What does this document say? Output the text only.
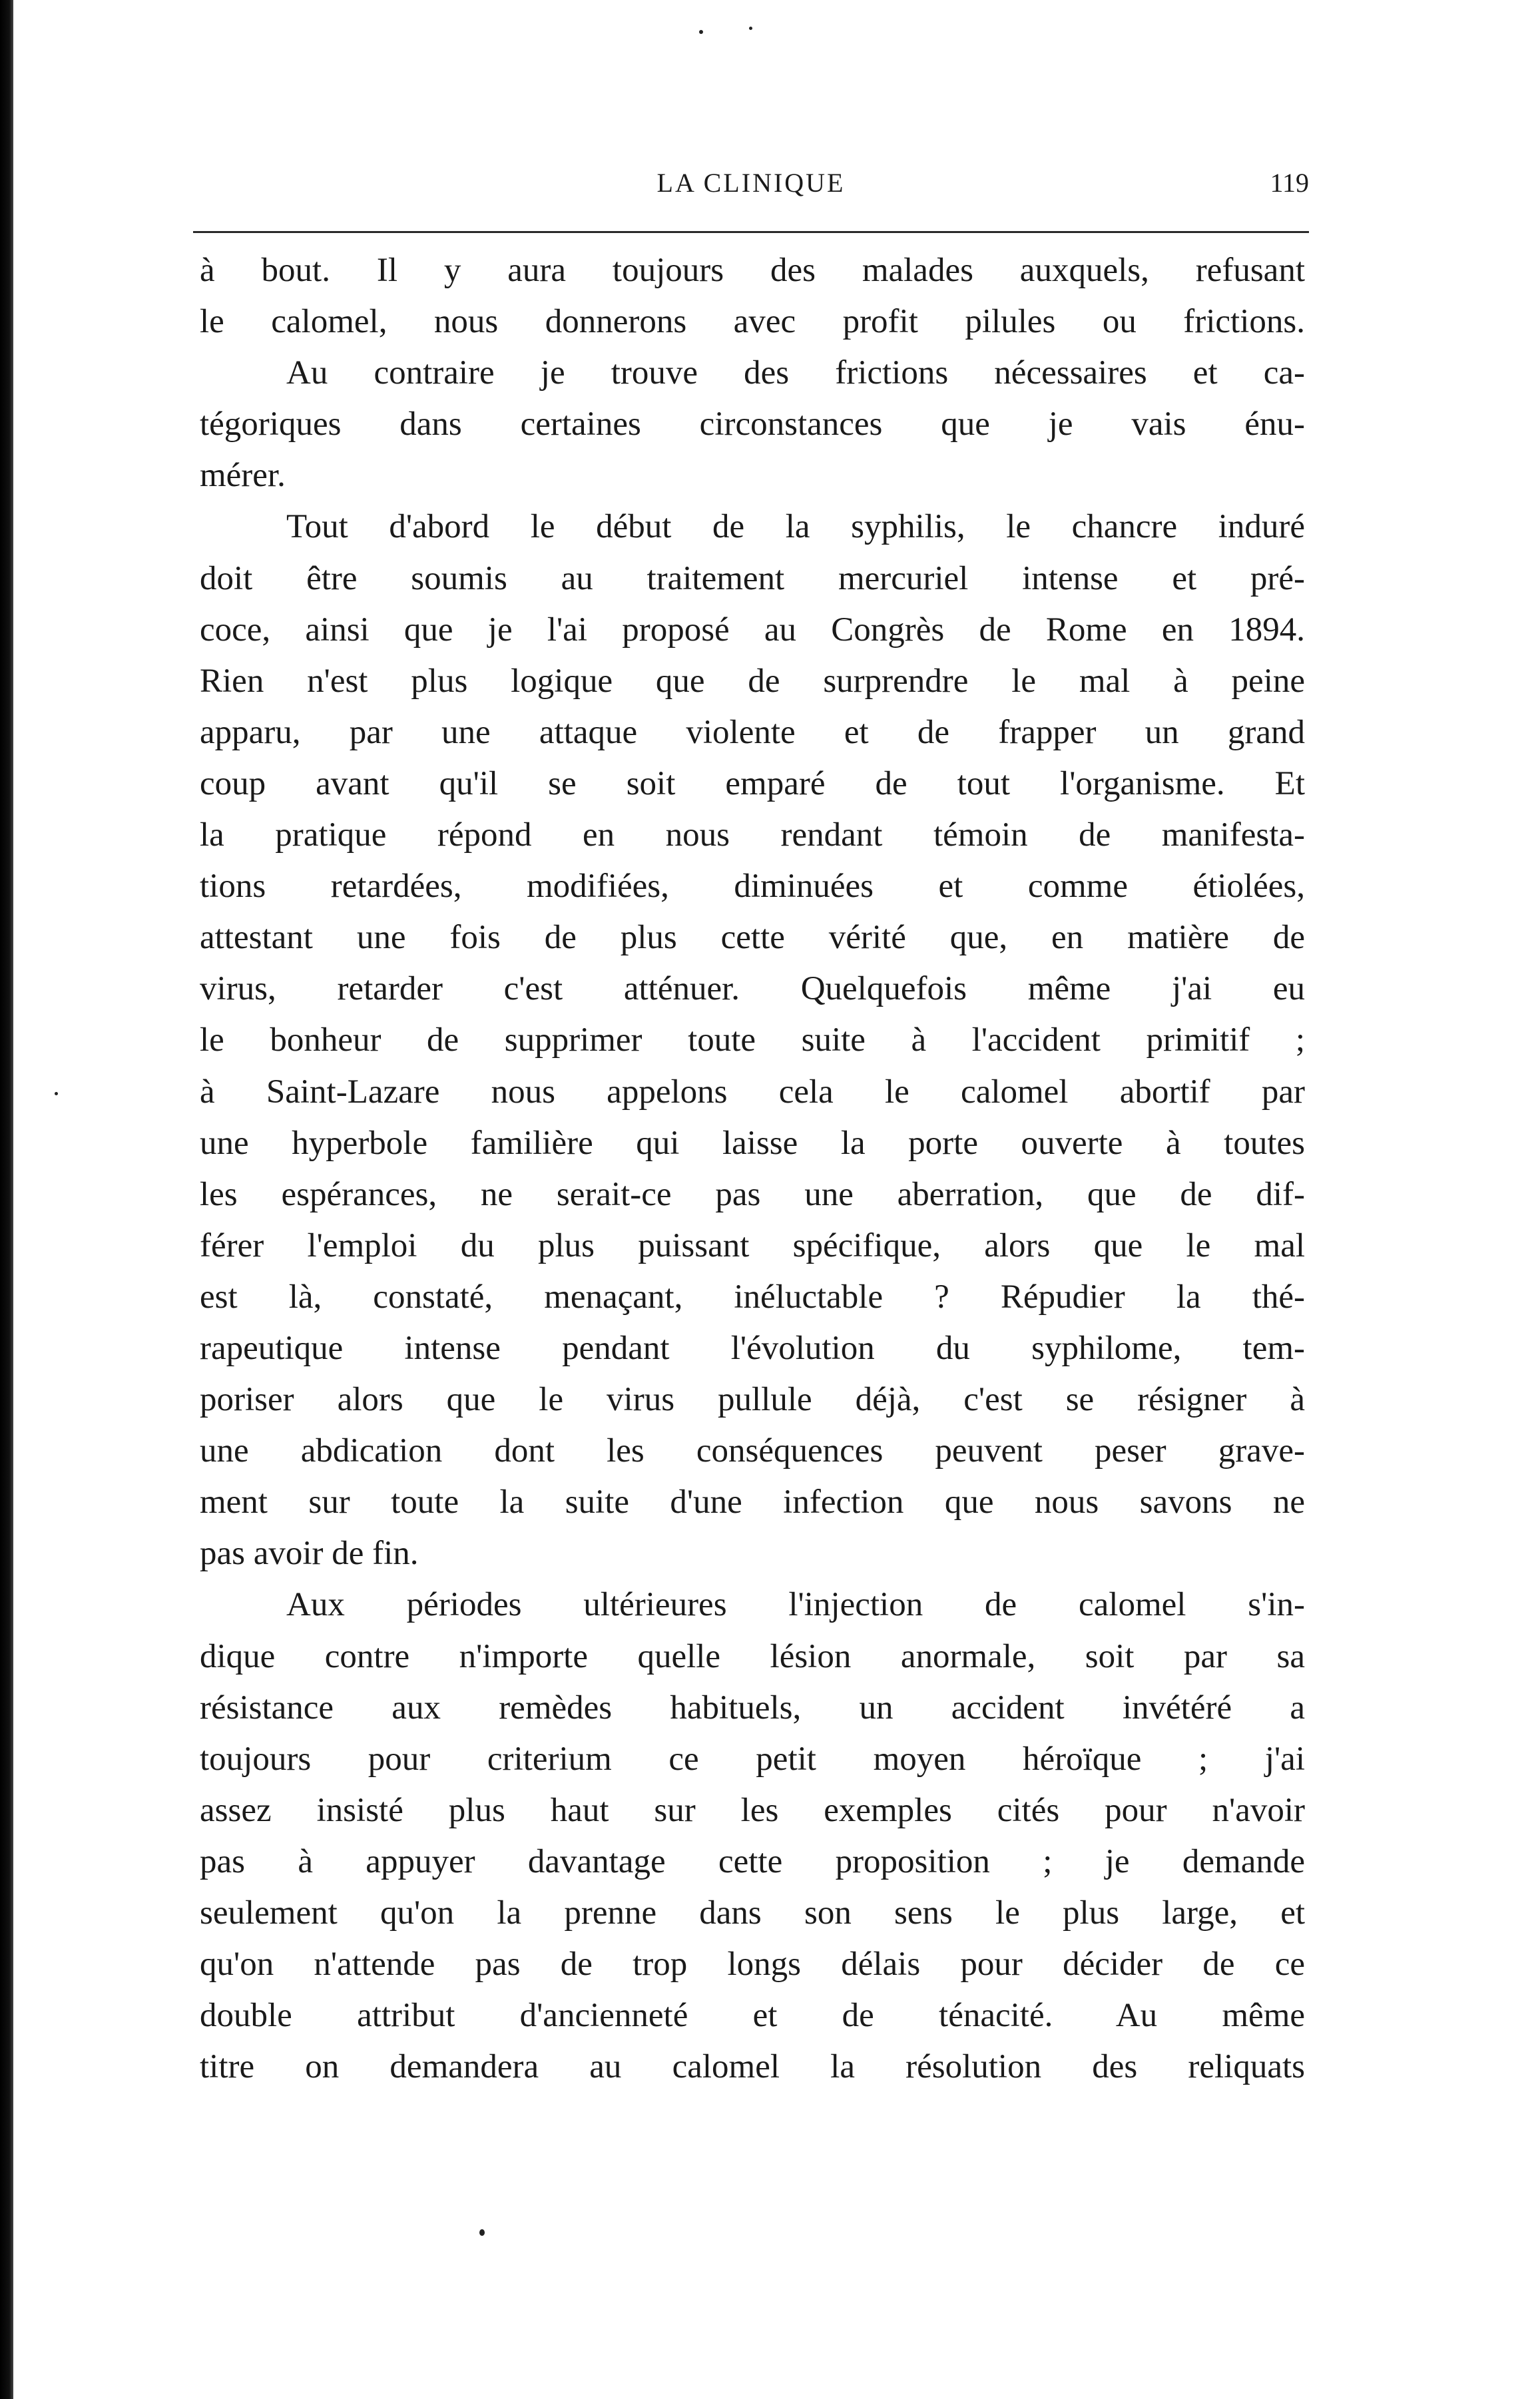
LA CLINIQUE	119
à bout. Il y aura toujours des malades auxquels, refusant
le calomel, nous donnerons avec profit pilules ou frictions.
Au contraire je trouve des frictions nécessaires et ca-
tégoriques dans certaines circonstances que je vais énu-
mérer.
Tout d'abord le début de la syphilis, le chancre induré
doit être soumis au traitement mercuriel intense et pré-
coce, ainsi que je l'ai proposé au Congrès de Rome en 1894.
Rien n'est plus logique que de surprendre le mal à peine
apparu, par une attaque violente et de frapper un grand
coup avant qu'il se soit emparé de tout l'organisme. Et
la pratique répond en nous rendant témoin de manifesta-
tions retardées, modifiées, diminuées et comme étiolées,
attestant une fois de plus cette vérité que, en matière de
virus, retarder c'est atténuer. Quelquefois même j'ai eu
le bonheur de supprimer toute suite à l'accident primitif ;
à Saint-Lazare nous appelons cela le calomel abortif par
une hyperbole familière qui laisse la porte ouverte à toutes
les espérances, ne serait-ce pas une aberration, que de dif-
férer l'emploi du plus puissant spécifique, alors que le mal
est là, constaté, menaçant, inéluctable ? Répudier la thé-
rapeutique intense pendant l'évolution du syphilome, tem-
poriser alors que le virus pullule déjà, c'est se résigner à
une abdication dont les conséquences peuvent peser grave-
ment sur toute la suite d'une infection que nous savons ne
pas avoir de fin.
Aux périodes ultérieures l'injection de calomel s'in-
dique contre n'importe quelle lésion anormale, soit par sa
résistance aux remèdes habituels, un accident invétéré a
toujours pour criterium ce petit moyen héroïque ; j'ai
assez insisté plus haut sur les exemples cités pour n'avoir
pas à appuyer davantage cette proposition ; je demande
seulement qu'on la prenne dans son sens le plus large, et
qu'on n'attende pas de trop longs délais pour décider de ce
double attribut d'ancienneté et de ténacité. Au même
titre on demandera au calomel la résolution des reliquats
